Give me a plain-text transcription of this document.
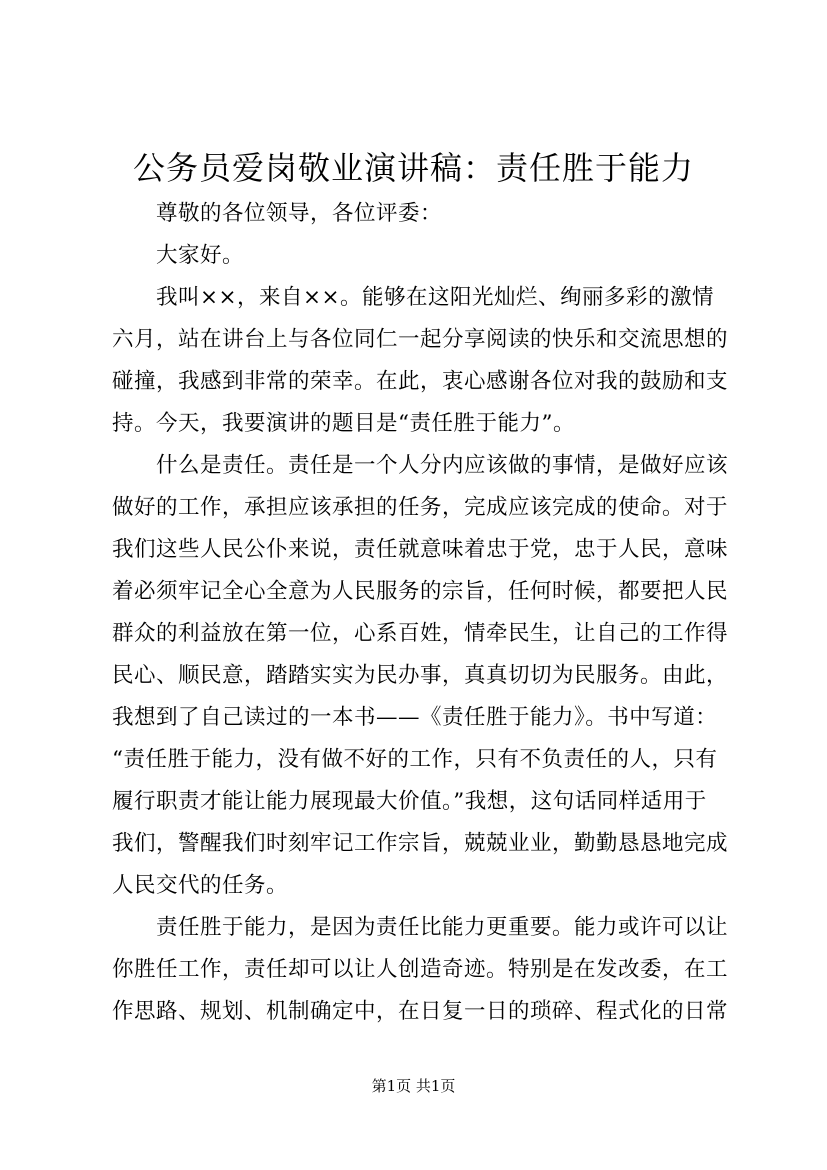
公务员爱岗敬业演讲稿：责任胜于能力
　　尊敬的各位领导，各位评委：
　　大家好。
　　我叫××，来自××。能够在这阳光灿烂、绚丽多彩的激情
六月，站在讲台上与各位同仁一起分享阅读的快乐和交流思想的
碰撞，我感到非常的荣幸。在此，衷心感谢各位对我的鼓励和支
持。今天，我要演讲的题目是“责任胜于能力”。
　　什么是责任。责任是一个人分内应该做的事情，是做好应该
做好的工作，承担应该承担的任务，完成应该完成的使命。对于
我们这些人民公仆来说，责任就意味着忠于党，忠于人民，意味
着必须牢记全心全意为人民服务的宗旨，任何时候，都要把人民
群众的利益放在第一位，心系百姓，情牵民生，让自己的工作得
民心、顺民意，踏踏实实为民办事，真真切切为民服务。由此，
我想到了自己读过的一本书——《责任胜于能力》。书中写道：
“责任胜于能力，没有做不好的工作，只有不负责任的人，只有
履行职责才能让能力展现最大价值。”我想，这句话同样适用于
我们，警醒我们时刻牢记工作宗旨，兢兢业业，勤勤恳恳地完成
人民交代的任务。
　　责任胜于能力，是因为责任比能力更重要。能力或许可以让
你胜任工作，责任却可以让人创造奇迹。特别是在发改委，在工
作思路、规划、机制确定中，在日复一日的琐碎、程式化的日常
第1页 共1页
